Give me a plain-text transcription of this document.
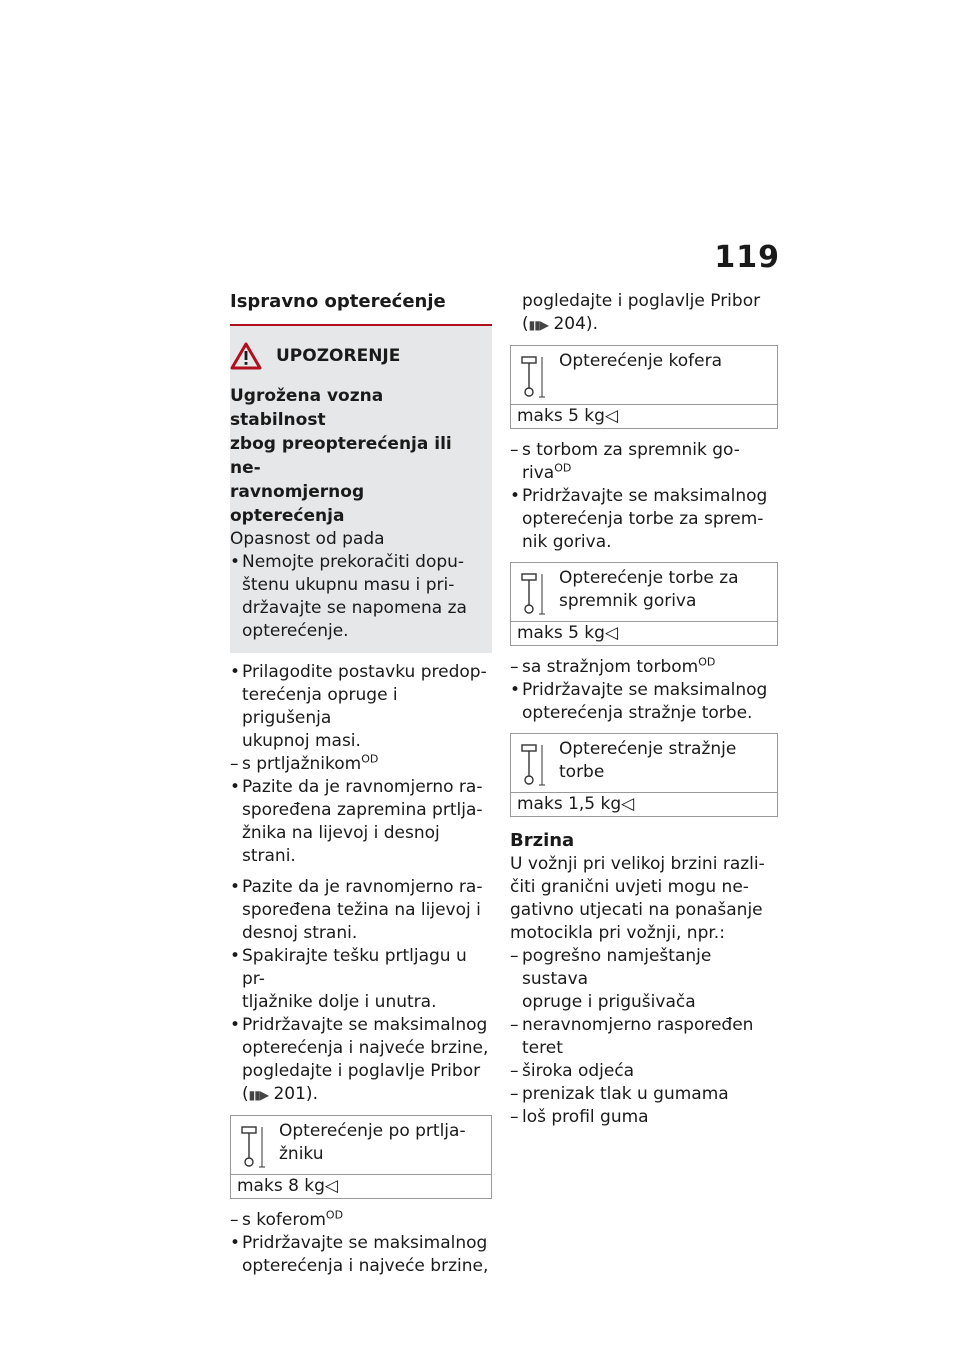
119
Ispravno opterećenje
UPOZORENJE
Ugrožena vozna stabilnost
zbog preopterećenja ili ne-
ravnomjernog opterećenja
Opasnost od pada
• Nemojte prekoračiti dopu-
štenu ukupnu masu i pri-
državajte se napomena za
opterećenje.
• Prilagodite postavku predop-
terećenja opruge i prigušenja
ukupnoj masi.
– s prtljažnikom$^{OD}$
• Pazite da je ravnomjerno ra-
spoređena zapremina prtlja-
žnika na lijevoj i desnoj strani.
• Pazite da je ravnomjerno ra-
spoređena težina na lijevoj i
desnoj strani.
• Spakirajte tešku prtljagu u pr-
tljažnike dolje i unutra.
• Pridržavajte se maksimalnog
opterećenja i najveće brzine,
pogledajte i poglavlje Pribor
(▮▮▶ 201).
Opterećenje po prtlja-
žniku
maks 8 kg◁
– s koferom$^{OD}$
• Pridržavajte se maksimalnog
opterećenja i najveće brzine,
pogledajte i poglavlje Pribor
(▮▮▶ 204).
Opterećenje kofera
maks 5 kg◁
– s torbom za spremnik go-
riva$^{OD}$
• Pridržavajte se maksimalnog
opterećenja torbe za sprem-
nik goriva.
Opterećenje torbe za
spremnik goriva
maks 5 kg◁
– sa stražnjom torbom$^{OD}$
• Pridržavajte se maksimalnog
opterećenja stražnje torbe.
Opterećenje stražnje
torbe
maks 1,5 kg◁
Brzina
U vožnji pri velikoj brzini razli-
čiti granični uvjeti mogu ne-
gativno utjecati na ponašanje
motocikla pri vožnji, npr.:
– pogrešno namještanje sustava
opruge i prigušivača
– neravnomjerno raspoređen
teret
– široka odjeća
– prenizak tlak u gumama
– loš profil guma
